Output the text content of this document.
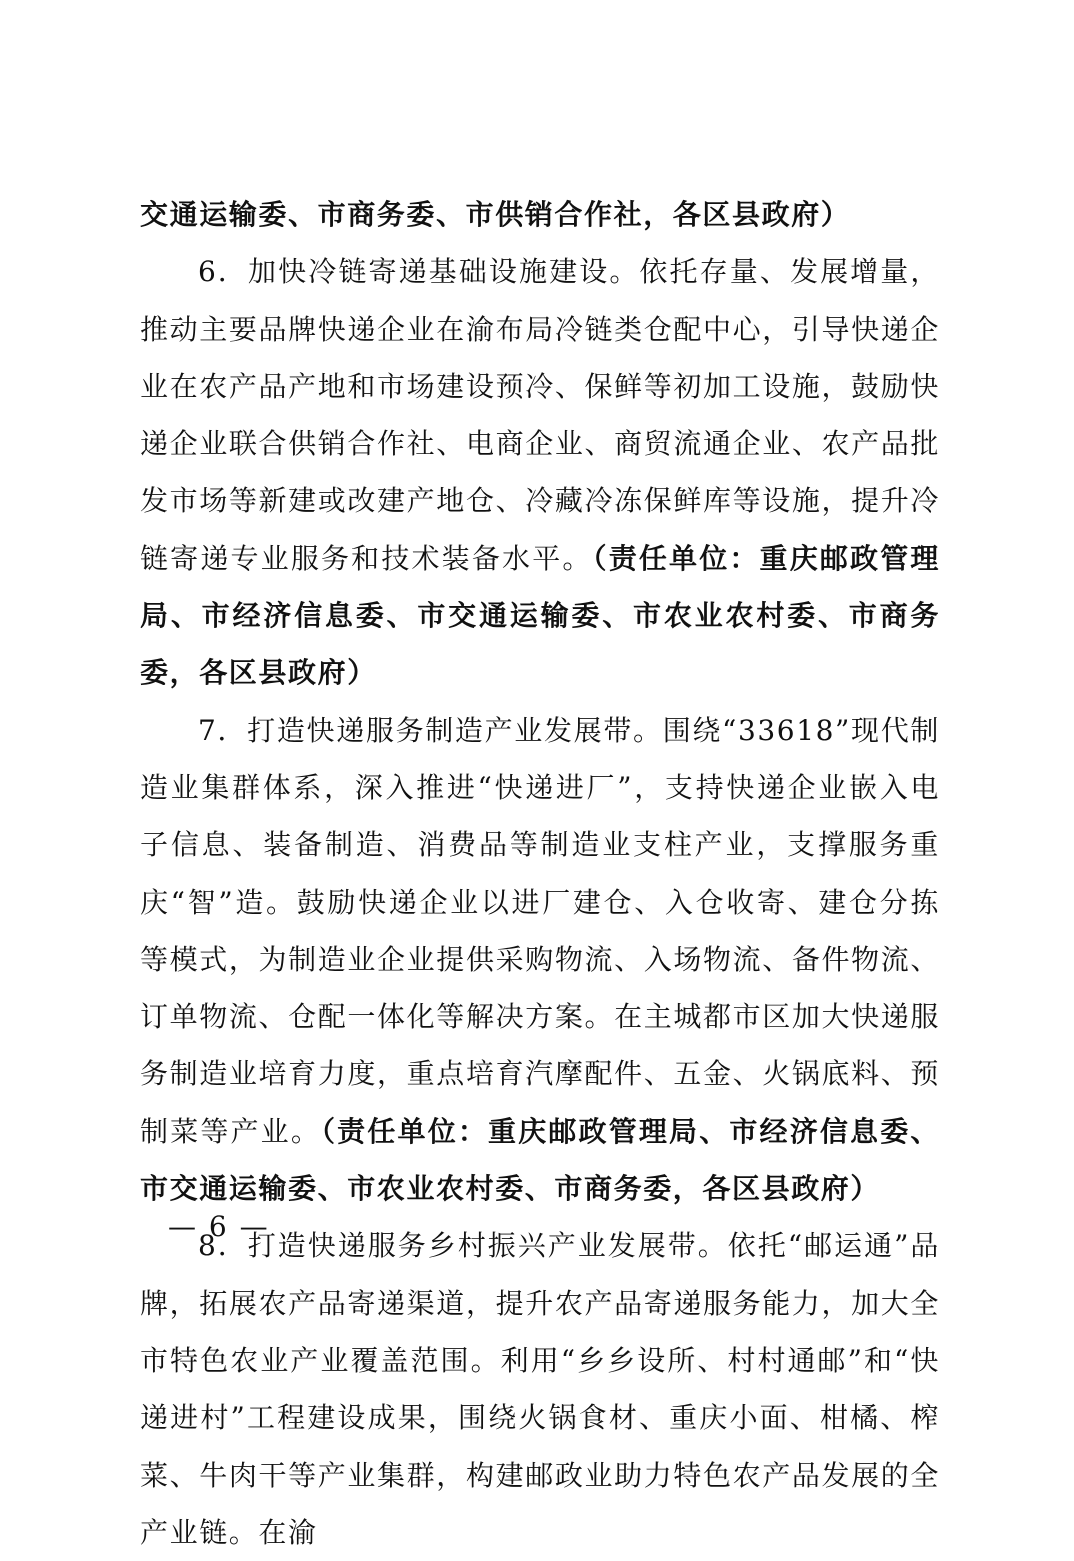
交通运输委、市商务委、市供销合作社，各区县政府）

6．加快冷链寄递基础设施建设。依托存量、发展增量，推动主要品牌快递企业在渝布局冷链类仓配中心，引导快递企业在农产品产地和市场建设预冷、保鲜等初加工设施，鼓励快递企业联合供销合作社、电商企业、商贸流通企业、农产品批发市场等新建或改建产地仓、冷藏冷冻保鲜库等设施，提升冷链寄递专业服务和技术装备水平。（责任单位：重庆邮政管理局、市经济信息委、市交通运输委、市农业农村委、市商务委，各区县政府）

7．打造快递服务制造产业发展带。围绕“33618”现代制造业集群体系，深入推进“快递进厂”，支持快递企业嵌入电子信息、装备制造、消费品等制造业支柱产业，支撑服务重庆“智”造。鼓励快递企业以进厂建仓、入仓收寄、建仓分拣等模式，为制造业企业提供采购物流、入场物流、备件物流、订单物流、仓配一体化等解决方案。在主城都市区加大快递服务制造业培育力度，重点培育汽摩配件、五金、火锅底料、预制菜等产业。（责任单位：重庆邮政管理局、市经济信息委、市交通运输委、市农业农村委、市商务委，各区县政府）

8．打造快递服务乡村振兴产业发展带。依托“邮运通”品牌，拓展农产品寄递渠道，提升农产品寄递服务能力，加大全市特色农业产业覆盖范围。利用“乡乡设所、村村通邮”和“快递进村”工程建设成果，围绕火锅食材、重庆小面、柑橘、榨菜、牛肉干等产业集群，构建邮政业助力特色农产品发展的全产业链。在渝

— 6 —
